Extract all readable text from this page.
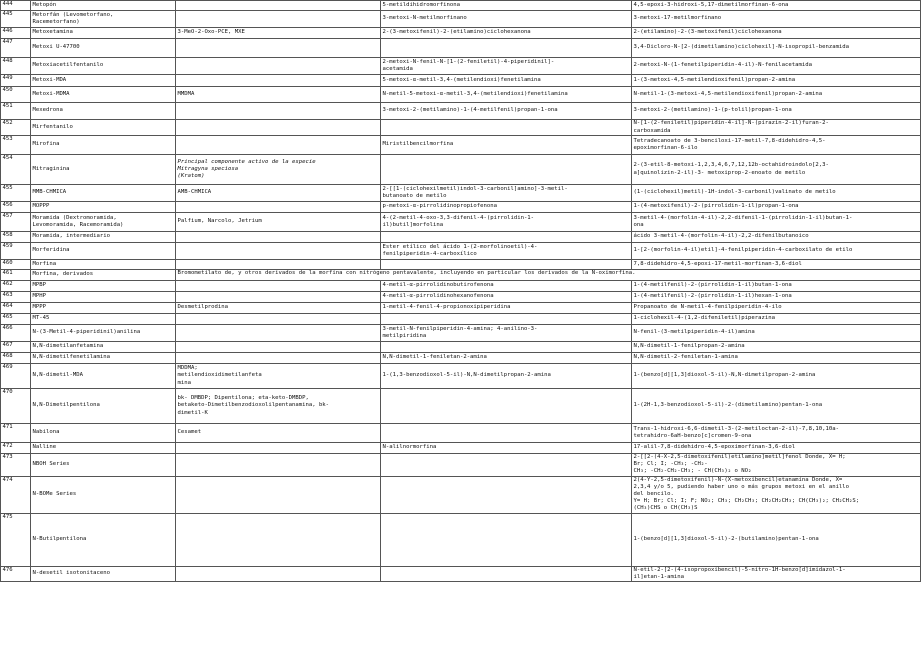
444	Metopón		5-metildihidromorfinona	4,5-epoxi-3-hidroxi-5,17-dimetilmorfinan-6-ona
445	Metorfán (Levometorfano,
Racemetorfano)		3-metoxi-N-metilmorfinano	3-metoxi-17-metilmorfinano
446	Metoxetamina	3-MeO-2-Oxo-PCE, MXE	2-(3-metoxifenil)-2-(etilamino)ciclohexanona	2-(etilamino)-2-(3-metoxifenil)ciclohexanona
447	Metoxi U-47700			3,4-Dicloro-N-[2-(dimetilamino)ciclohexil]-N-isopropil-benzamida
448	Metoxiacetilfentanilo		2-metoxi-N-fenil-N-[1-(2-feniletil)-4-piperidinil]-
acetamida	2-metoxi-N-(1-fenetilpiperidin-4-il)-N-fenilacetamida
449	Metoxi-MDA		5-metoxi-α-metil-3,4-(metilendioxi)fenetilamina	1-(3-metoxi-4,5-metilendioxifenil)propan-2-amina
450	Metoxi-MDMA	MMDMA	N-metil-5-metoxi-α-metil-3,4-(metilendioxi)fenetilamina	N-metil-1-(3-metoxi-4,5-metilendioxifenil)propan-2-amina
451	Mexedrona		3-metoxi-2-(metilamino)-1-(4-metilfenil)propan-1-ona	3-metoxi-2-(metilamino)-1-(p-tolil)propan-1-ona
452	Mirfentanilo			N-[1-(2-feniletil)piperidin-4-il]-N-(pirazin-2-il)furan-2-
carboxamida
453	Mirofina		Miristilbencilmorfina	Tetradecanoato de 3-benciloxi-17-metil-7,8-didehidro-4,5-
epoximorfinan-6-ilo
454	Mitraginina	Principal componente activo de la especie
Mitragyna speciosa
(Kratom)		2-(3-etil-8-metoxi-1,2,3,4,6,7,12,12b-octahidroindolo[2,3-
a]quinolizin-2-il)-3- metoxiprop-2-enoato de metilo
455	MMB-CHMICA	AMB-CHMICA	2-[[1-(ciclohexilmetil)indol-3-carbonil]amino]-3-metil-
butanoato de metilo	(1-(ciclohexil)metil)-1H-indol-3-carbonil)valinato de metilo
456	MOPPP		p-metoxi-α-pirrolidinopropiofenona	1-(4-metoxifenil)-2-(pirrolidin-1-il)propan-1-ona
457	Moramida (Dextromoramida,
Levomoramida, Racemoramida)	Palfium, Narcolo, Jetrium	4-(2-metil-4-oxo-3,3-difenil-4-(pirrolidin-1-
il)butil]morfolina	3-metil-4-(morfolin-4-il)-2,2-difenil-1-(pirrolidin-1-il)butan-1-
ona
458	Moramida, intermediario			ácido 3-metil-4-(morfolin-4-il)-2,2-difenilbutanoico
459	Morferidina		Ester etílico del ácido 1-(2-morfolinoetil)-4-
fenilpiperidin-4-carboxílico	1-[2-(morfolin-4-il)etil]-4-fenilpiperidin-4-carboxilato de etilo
460	Morfina			7,8-didehidro-4,5-epoxi-17-metil-morfinan-3,6-diol
461	Morfina, derivados	Bromometilato de, y otros derivados de la morfina con nitrógeno pentavalente, incluyendo en particular los derivados de la N-oximorfina.		
462	MPBP		4-metil-α-pirrolidinobutirofenona	1-(4-metilfenil)-2-(pirrolidin-1-il)butan-1-ona
463	MPHP		4-metil-α-pirrolidinohexanofenona	1-(4-metilfenil)-2-(pirrolidin-1-il)hexan-1-ona
464	MPPP	Desmetilprodina	1-metil-4-fenil-4-propionoxipiperidina	Propanoato de N-metil-4-fenilpiperidin-4-ilo
465	MT-45			1-ciclohexil-4-(1,2-difeniletil)piperazina
466	N-(3-Metil-4-piperidinil)anilina		3-metil-N-fenilpiperidin-4-amina; 4-anilino-3-
metilpiridina	N-fenil-(3-metilpiperidin-4-il)amina
467	N,N-dimetilanfetamina			N,N-dimetil-1-fenilpropan-2-amina
468	N,N-dimetilfenetilamina		N,N-dimetil-1-feniletan-2-amina	N,N-dimetil-2-feniletan-1-amina
469	N,N-dimetil-MDA	MDDMA;
metilendioxidimetilanfeta
mina	1-(1,3-benzodioxol-5-il)-N,N-dimetilpropan-2-amina	1-(benzo[d][1,3]dioxol-5-il)-N,N-dimetilpropan-2-amina
470	N,N-Dimetilpentilona	bk- DMBDP; Dipentilona; eta-keto-DMBDP,
betaketo-Dimetilbenzodioxolilpentanamina, bk-
dimetil-K		1-(2H-1,3-benzodioxol-5-il)-2-(dimetilamino)pentan-1-ona
471	Nabilona	Cesamet		Trans-1-hidroxi-6,6-dimetil-3-(2-metiloctan-2-il)-7,8,10,10a-
tetrahidro-6aH-benzo[c]cromen-9-ona
472	Nalline		N-alilnormorfina	17-alil-7,8-didehidro-4,5-epoximorfinan-3,6-diol
473	NBOH Series			2-[[2-(4-X-2,5-dimetoxifenil)etilamino]metil]fenol Donde, X= H;
Br; Cl; I; -CH₃; -CH₂-
CH₃; -CH₂-CH₂-CH₃; - CH(CH₃)₂ o NO₂
474	N-BOMe Series			2(4-Y-2,5-dimetoxifenil)-N-(X-metoxibencil)etanamina Donde, X=
2,3,4 y/o 5, pudiendo haber uno o más grupos metoxi en el anillo
del bencilo.
Y= H; Br; Cl; I; F; NO₂; CH₃; CH₂CH₃; CH₂CH₂CH₃; CH(CH₃)₂; CH₂CH₂S;
(CH₃)CHS o CH(CH₃)S
475	N-Butilpentilona			1-(benzo[d][1,3]dioxol-5-il)-2-(butilamino)pentan-1-ona
476	N-desetil isotonitaceno			N-etil-2-[2-(4-isopropoxibencil)-5-nitro-1H-benzo[d]imidazol-1-
il]etan-1-amina
